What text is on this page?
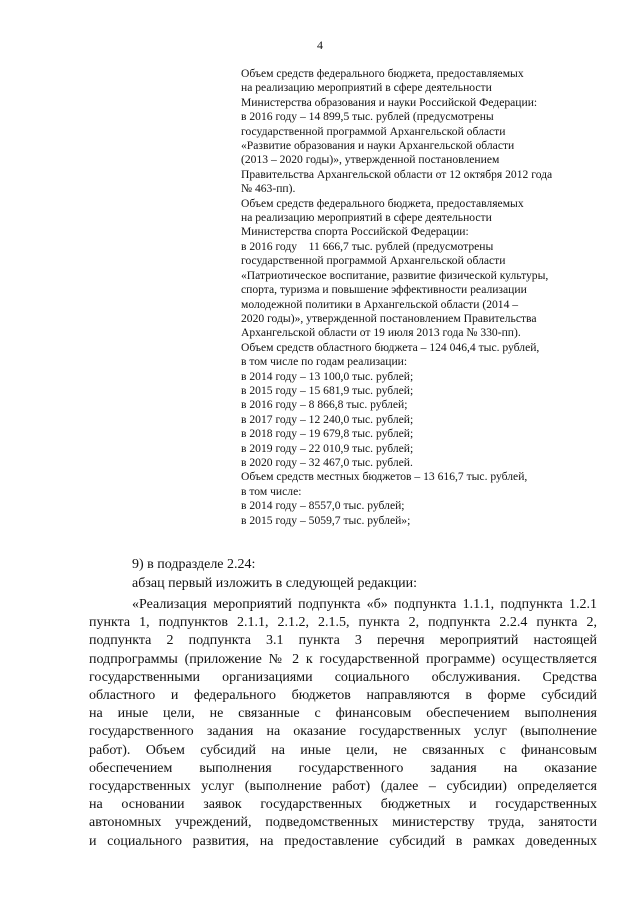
4
Объем средств федерального бюджета, предоставляемых
на реализацию мероприятий в сфере деятельности
Министерства образования и науки Российской Федерации:
в 2016 году – 14 899,5 тыс. рублей (предусмотрены
государственной программой Архангельской области
«Развитие образования и науки Архангельской области
(2013 – 2020 годы)», утвержденной постановлением
Правительства Архангельской области от 12 октября 2012 года
№ 463-пп).
Объем средств федерального бюджета, предоставляемых
на реализацию мероприятий в сфере деятельности
Министерства спорта Российской Федерации:
в 2016 году    11 666,7 тыс. рублей (предусмотрены
государственной программой Архангельской области
«Патриотическое воспитание, развитие физической культуры,
спорта, туризма и повышение эффективности реализации
молодежной политики в Архангельской области (2014 –
2020 годы)», утвержденной постановлением Правительства
Архангельской области от 19 июля 2013 года № 330-пп).
Объем средств областного бюджета – 124 046,4 тыс. рублей,
в том числе по годам реализации:
в 2014 году – 13 100,0 тыс. рублей;
в 2015 году – 15 681,9 тыс. рублей;
в 2016 году – 8 866,8 тыс. рублей;
в 2017 году – 12 240,0 тыс. рублей;
в 2018 году – 19 679,8 тыс. рублей;
в 2019 году – 22 010,9 тыс. рублей;
в 2020 году – 32 467,0 тыс. рублей.
Объем средств местных бюджетов – 13 616,7 тыс. рублей,
в том числе:
в 2014 году – 8557,0 тыс. рублей;
в 2015 году – 5059,7 тыс. рублей»;
9) в подразделе 2.24:
абзац первый изложить в следующей редакции:
«Реализация мероприятий подпункта «б» подпункта 1.1.1, подпункта 1.2.1
пункта 1, подпунктов 2.1.1, 2.1.2, 2.1.5, пункта 2, подпункта 2.2.4 пункта 2,
подпункта 2 подпункта 3.1 пункта 3 перечня мероприятий настоящей
подпрограммы (приложение № 2 к государственной программе) осуществляется
государственными организациями социального обслуживания. Средства
областного и федерального бюджетов направляются в форме субсидий
на иные цели, не связанные с финансовым обеспечением выполнения
государственного задания на оказание государственных услуг (выполнение
работ). Объем субсидий на иные цели, не связанных с финансовым
обеспечением выполнения государственного задания на оказание
государственных услуг (выполнение работ) (далее – субсидии) определяется
на основании заявок государственных бюджетных и государственных
автономных учреждений, подведомственных министерству труда, занятости
и социального развития, на предоставление субсидий в рамках доведенных
